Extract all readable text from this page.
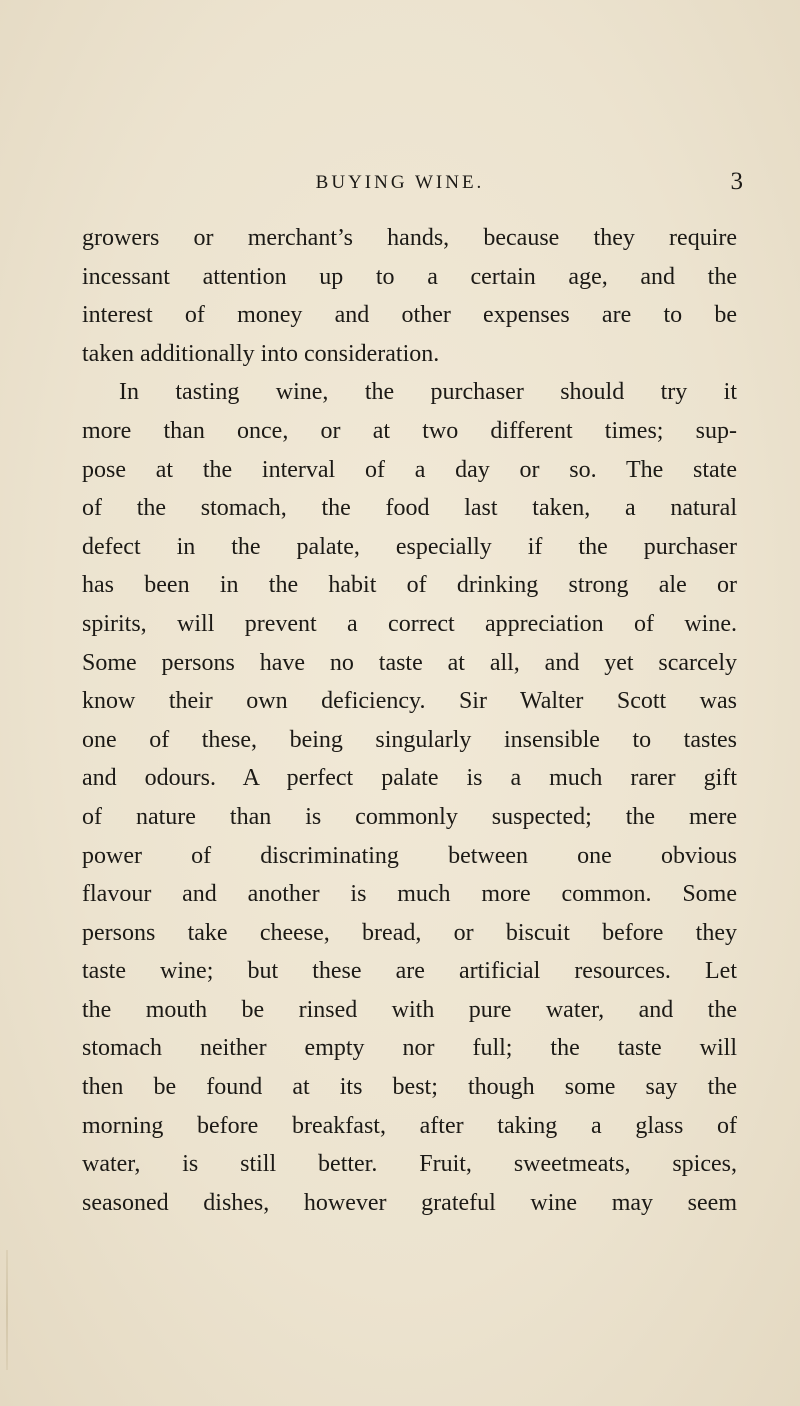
BUYING WINE.	3
growers or merchant’s hands, because they require
incessant attention up to a certain age, and the
interest of money and other expenses are to be
taken additionally into consideration.
In tasting wine, the purchaser should try it
more than once, or at two different times; sup-
pose at the interval of a day or so. The state
of the stomach, the food last taken, a natural
defect in the palate, especially if the purchaser
has been in the habit of drinking strong ale or
spirits, will prevent a correct appreciation of wine.
Some persons have no taste at all, and yet scarcely
know their own deficiency. Sir Walter Scott was
one of these, being singularly insensible to tastes
and odours. A perfect palate is a much rarer gift
of nature than is commonly suspected; the mere
power of discriminating between one obvious
flavour and another is much more common. Some
persons take cheese, bread, or biscuit before they
taste wine; but these are artificial resources. Let
the mouth be rinsed with pure water, and the
stomach neither empty nor full; the taste will
then be found at its best; though some say the
morning before breakfast, after taking a glass of
water, is still better. Fruit, sweetmeats, spices,
seasoned dishes, however grateful wine may seem
